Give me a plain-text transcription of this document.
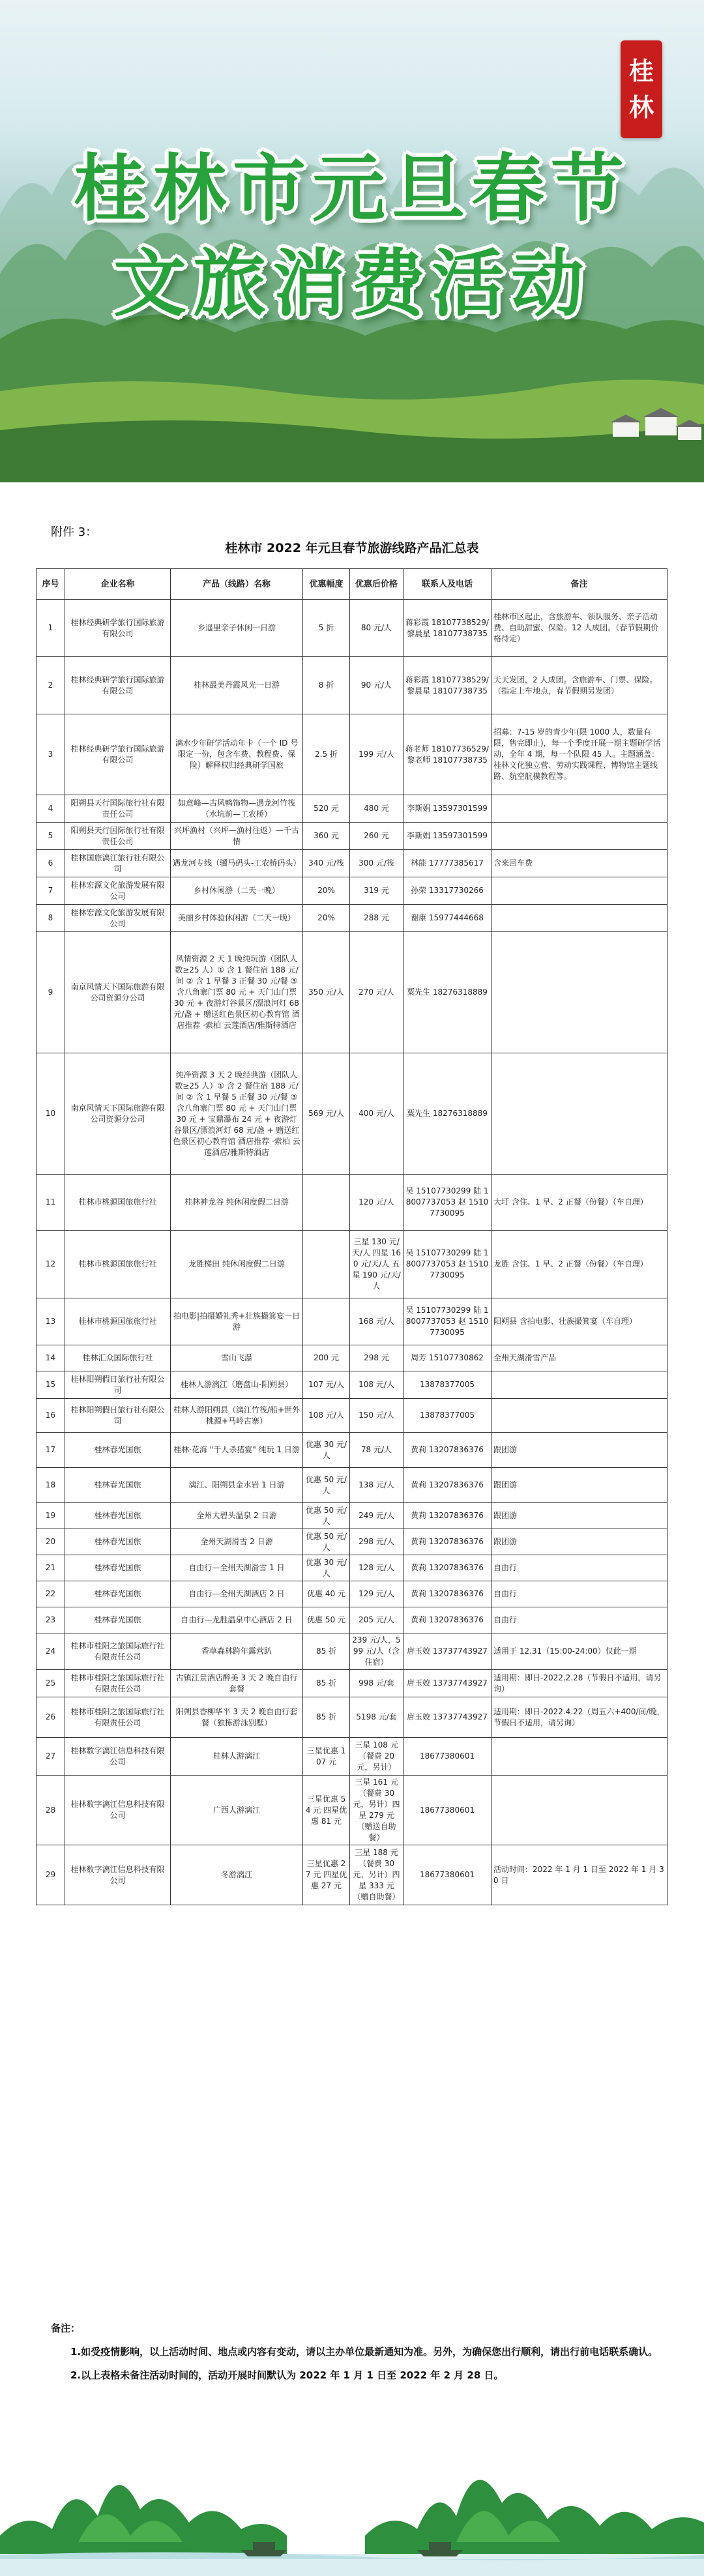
桂
林
桂林市元旦春节
文旅消费活动
附件 3：
桂林市 2022 年元旦春节旅游线路产品汇总表
序号	企业名称	产品（线路）名称	优惠幅度	优惠后价格	联系人及电话	备注
1	桂林经典研学旅行国际旅游有限公司	乡遥里亲子休闲一日游	5 折	80 元/人	蒋彩霞 18107738529/黎晨星 18107738735	桂林市区起止，含旅游车、领队服务、亲子活动费、自助甜蜜、保险。12 人成团。（春节假期价格待定）
2	桂林经典研学旅行国际旅游有限公司	桂林最美丹霞风光一日游	8 折	90 元/人	蒋彩霞 18107738529/黎晨星 18107738735	天天发团，2 人成团。含旅游车、门票、保险。（指定上车地点，春节假期另发团）
3	桂林经典研学旅行国际旅游有限公司	漓水少年研学活动年卡（一个 ID 号限定一份，包含车费、教程费、保险）解释权归经典研学国旅	2.5 折	199 元/人	蒋老师 18107736529/黎老师 18107738735	招募：7-15 岁的青少年(限 1000 人，数量有限，售完即止)，每一个季度开展一期主题研学活动，全年 4 期，每一个队限 45 人。主题涵盖：桂林文化独立营、劳动实践课程、博物馆主题线路、航空航模教程等。
4	阳朔县天行国际旅行社有限责任公司	如意峰—古风鸭饰物—遇龙河竹筏（水坑前—工农桥）	520 元	480 元	李斯娟 13597301599	
5	阳朔县天行国际旅行社有限责任公司	兴坪漁村（兴坪—漁村往返）—千古情	360 元	260 元	李斯娟 13597301599	
6	桂林国旅漓江旅行社有限公司	遇龙河专线（骥马码头-工农桥码头）	340 元/筏	300 元/筏	林能 17777385617	含来回车费
7	桂林宏源文化旅游发展有限公司	乡村休闲游（二天一晚）	20%	319 元	孙荣 13317730266	
8	桂林宏源文化旅游发展有限公司	美丽乡村体验休闲游（二天一晚）	20%	288 元	谢康 15977444668	
9	南京风情天下国际旅游有限公司资源分公司	风情资源 2 天 1 晚纯玩游（团队人数≥25 人）① 含 1 餐住宿 188 元/间 ② 含 1 早餐 3 正餐 30 元/餐 ③ 含八角寨门票 80 元 + 天门山门票 30 元 + 夜游灯谷景区/漂浪河灯 68 元/盏 + 赠送红色景区初心教育馆 酒店推荐 ·索柏 云莲酒店/雅斯特酒店	350 元/人	270 元/人	粟先生 18276318889	
10	南京风情天下国际旅游有限公司资源分公司	纯净资源 3 天 2 晚经典游（团队人数≥25 人）① 含 2 餐住宿 188 元/间 ② 含 1 早餐 5 正餐 30 元/餐 ③ 含八角寨门票 80 元 + 天门山门票 30 元 + 宝鼎瀑布 24 元 + 夜游灯谷景区/漂浪河灯 68 元/盏 + 赠送红色景区初心教育馆 酒店推荐 ·索柏 云莲酒店/雅斯特酒店	569 元/人	400 元/人	粟先生 18276318889	
11	桂林市桃源国旅旅行社	桂林神龙谷 纯休闲度假二日游		120 元/人	吴 15107730299 陆 18007737053 赵 15107730095	大圩 含住、1 早、2 正餐（份餐）（车自理）
12	桂林市桃源国旅旅行社	龙胜梯田 纯休闲度假二日游		三星 130 元/天/人 四星 160 元/天/人 五星 190 元/天/人	吴 15107730299 陆 18007737053 赵 15107730095	龙胜 含住、1 早、2 正餐（份餐）（车自理）
13	桂林市桃源国旅旅行社	拍电影|拍摄婚礼秀+壮族撮箕宴一日游		168 元/人	吴 15107730299 陆 18007737053 赵 15107730095	阳朔县 含拍电影、壮族撮箕宴（车自理）
14	桂林汇众国际旅行社	雪山飞瀑	200 元	298 元	周芳 15107730862	全州天湖滑雪产品
15	桂林阳朔假日旅行社有限公司	桂林人游漓江（磨盘山-阳朔县）	107 元/人	108 元/人	13878377005	
16	桂林阳朔假日旅行社有限公司	桂林人游阳朔县（漓江竹筏/船+世外桃源+马岭古寨）	108 元/人	150 元/人	13878377005	
17	桂林春光国旅	桂林·花海 "千人杀猪宴" 纯玩 1 日游	优惠 30 元/人	78 元/人	黄莉 13207836376	跟团游
18	桂林春光国旅	漓江、阳朔县金水岩 1 日游	优惠 50 元/人	138 元/人	黄莉 13207836376	跟团游
19	桂林春光国旅	全州大碧头温泉 2 日游	优惠 50 元/人	249 元/人	黄莉 13207836376	跟团游
20	桂林春光国旅	全州天湖滑雪 2 日游	优惠 50 元/人	298 元/人	黄莉 13207836376	跟团游
21	桂林春光国旅	自由行—全州天湖滑雪 1 日	优惠 30 元/人	128 元/人	黄莉 13207836376	自由行
22	桂林春光国旅	自由行—全州天湖酒店 2 日	优惠 40 元	129 元/人	黄莉 13207836376	自由行
23	桂林春光国旅	自由行—龙胜温泉中心酒店 2 日	优惠 50 元	205 元/人	黄莉 13207836376	自由行
24	桂林市桂阳之旅国际旅行社有限责任公司	香草森林跨年露营趴	85 折	239 元/人，599 元/人（含住宿）	唐玉姣 13737743927	适用于 12.31（15:00-24:00）仅此一期
25	桂林市桂阳之旅国际旅行社有限责任公司	古镇江景酒店醉美 3 天 2 晚自由行套餐	85 折	998 元/套	唐玉姣 13737743927	适用期：即日-2022.2.28（节假日不适用，请另询）
26	桂林市桂阳之旅国际旅行社有限责任公司	阳朔县香柳华平 3 天 2 晚自由行套餐（独栋游泳别墅）	85 折	5198 元/套	唐玉姣 13737743927	适用期：即日-2022.4.22（周五六+400/间/晚，节假日不适用，请另询）
27	桂林数字漓江信息科技有限公司	桂林人游漓江	三星优惠 107 元	三星 108 元（餐费 20 元，另计）	18677380601	
28	桂林数字漓江信息科技有限公司	广西人游漓江	三星优惠 54 元 四星优惠 81 元	三星 161 元（餐费 30 元，另计）四星 279 元（赠送自助餐）	18677380601	
29	桂林数字漓江信息科技有限公司	冬游漓江	三星优惠 27 元 四星优惠 27 元	三星 188 元（餐费 30 元，另计）四星 333 元（赠自助餐）	18677380601	活动时间：2022 年 1 月 1 日至 2022 年 1 月 30 日
备注：

1.如受疫情影响，以上活动时间、地点或内容有变动，请以主办单位最新通知为准。另外，为确保您出行顺利，请出行前电话联系确认。

2.以上表格未备注活动时间的，活动开展时间默认为 2022 年 1 月 1 日至 2022 年 2 月 28 日。
